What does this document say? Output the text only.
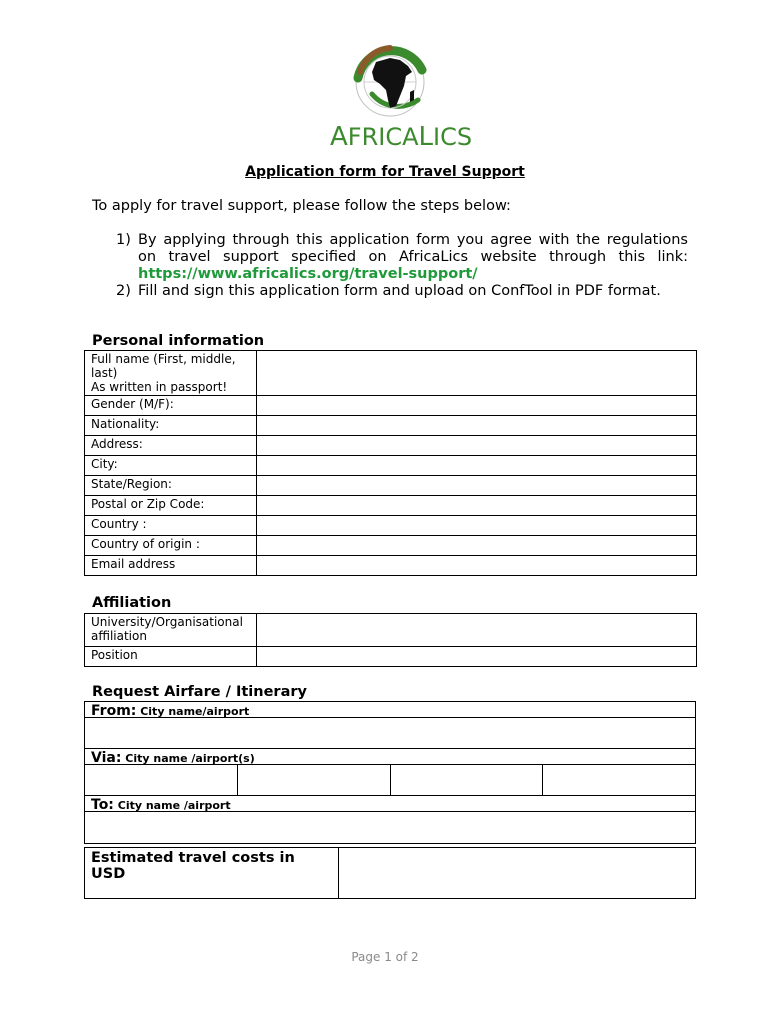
AFRICALICS
Application form for Travel Support
To apply for travel support, please follow the steps below:
1) By applying through this application form you agree with the regulations on travel support specified on AfricaLics website through this link: https://www.africalics.org/travel-support/
2) Fill and sign this application form and upload on ConfTool in PDF format.
Personal information
Full name (First, middle, last)
As written in passport!	
Gender (M/F):	
Nationality:	
Address:	
City:	
State/Region:	
Postal or Zip Code:	
Country :	
Country of origin :	
Email address	
Affiliation
University/Organisational affiliation	
Position	
Request Airfare / Itinerary
From: City name/airport
Via: City name /airport(s)
To: City name /airport
Estimated travel costs in USD
Page 1 of 2
